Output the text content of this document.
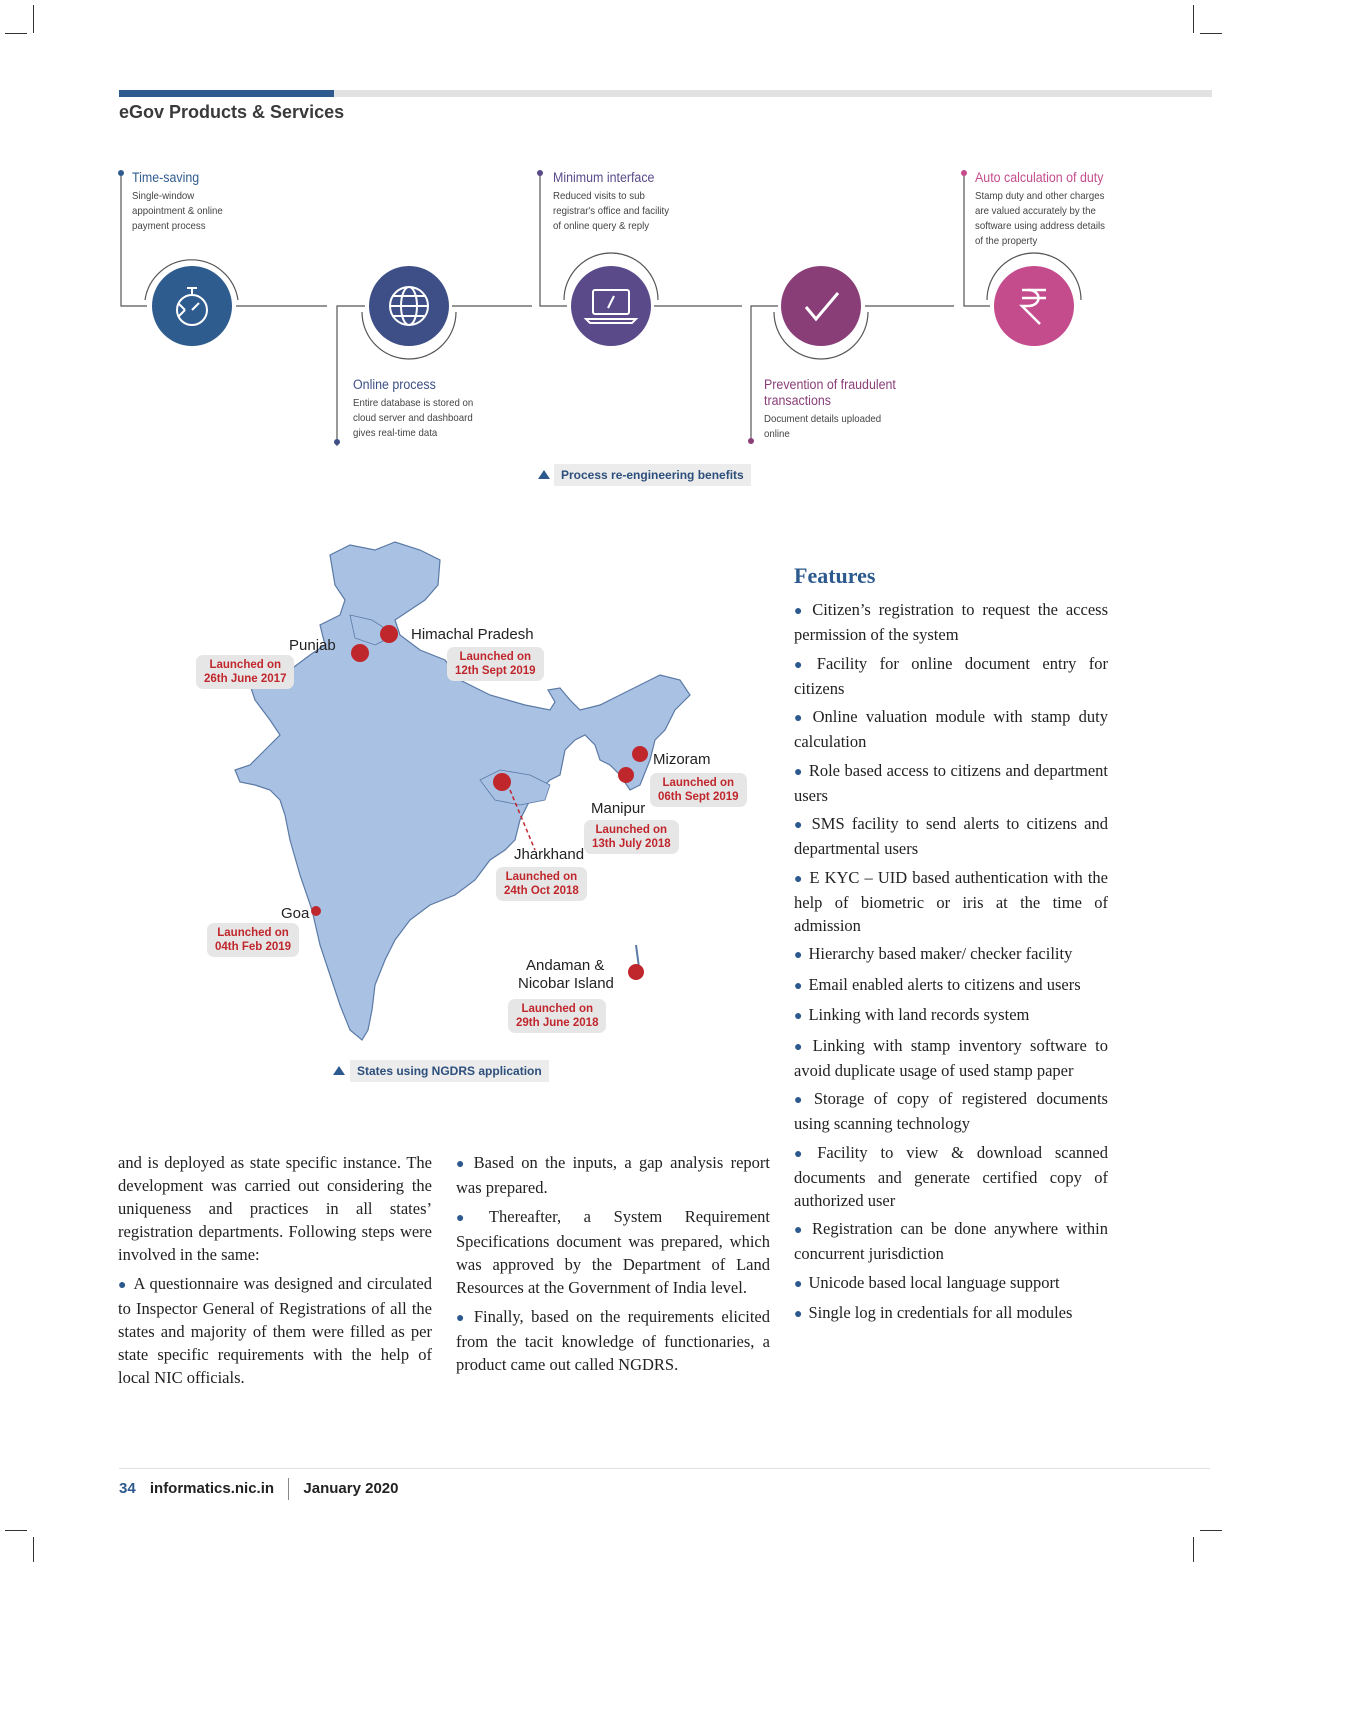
eGov Products & Services
Time-saving
Single-window
appointment & online
payment process
Online process
Entire database is stored on
cloud server and dashboard
gives real-time data
Minimum interface
Reduced visits to sub
registrar's office and facility
of online query & reply
Prevention of fraudulent
transactions
Document details uploaded
online
Auto calculation of duty
Stamp duty and other charges
are valued accurately by the
software using address details
of the property
Process re-engineering benefits
Punjab
Launched on
26th June 2017
Himachal Pradesh
Launched on
12th Sept 2019
Mizoram
Launched on
06th Sept 2019
Manipur
Launched on
13th July 2018
Jharkhand
Launched on
24th Oct 2018
Goa
Launched on
04th Feb 2019
Andaman &
Nicobar Island
Launched on
29th June 2018
States using NGDRS application
Features
● Citizen’s registration to request the access permission of the system
● Facility for online document entry for citizens
● Online valuation module with stamp duty calculation
● Role based access to citizens and department users
● SMS facility to send alerts to citizens and departmental users
● E KYC – UID based authentication with the help of biometric or iris at the time of admission
● Hierarchy based maker/ checker facility
● Email enabled alerts to citizens and users
● Linking with land records system
● Linking with stamp inventory software to avoid duplicate usage of used stamp paper
● Storage of copy of registered documents using scanning technology
● Facility to view & download scanned documents and generate certified copy of authorized user
● Registration can be done anywhere within concurrent jurisdiction
● Unicode based local language support
● Single log in credentials for all modules

and is deployed as state specific instance. The development was carried out considering the uniqueness and practices in all states’ registration departments. Following steps were involved in the same:

● A questionnaire was designed and circulated to Inspector General of Registrations of all the states and majority of them were filled as per state specific requirements with the help of local NIC officials.

● Based on the inputs, a gap analysis report was prepared.

● Thereafter, a System Requirement Specifications document was prepared, which was approved by the Department of Land Resources at the Government of India level.

● Finally, based on the requirements elicited from the tacit knowledge of functionaries, a product came out called NGDRS.

34 informatics.nic.in January 2020
